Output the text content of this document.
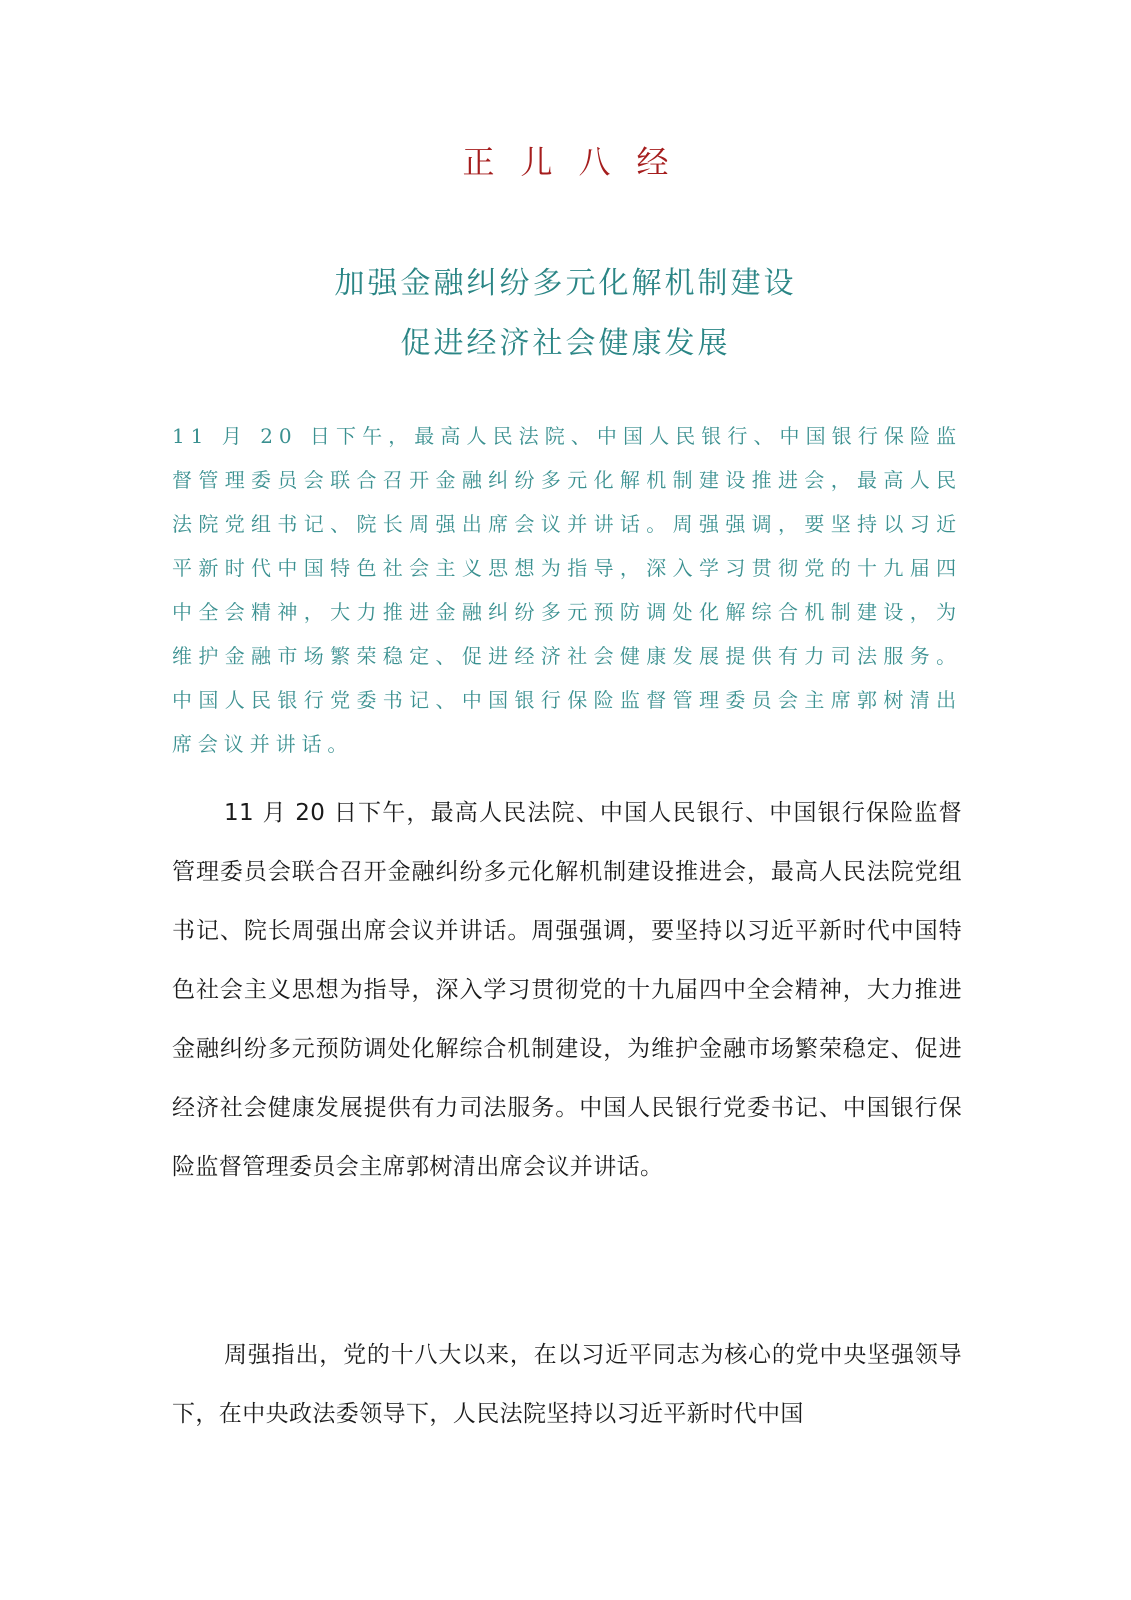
正儿八经
加强金融纠纷多元化解机制建设
促进经济社会健康发展
11 月 20 日下午，最高人民法院、中国人民银行、中国银行保险监督管理委员会联合召开金融纠纷多元化解机制建设推进会，最高人民法院党组书记、院长周强出席会议并讲话。周强强调，要坚持以习近平新时代中国特色社会主义思想为指导，深入学习贯彻党的十九届四中全会精神，大力推进金融纠纷多元预防调处化解综合机制建设，为维护金融市场繁荣稳定、促进经济社会健康发展提供有力司法服务。中国人民银行党委书记、中国银行保险监督管理委员会主席郭树清出席会议并讲话。
11 月 20 日下午，最高人民法院、中国人民银行、中国银行保险监督管理委员会联合召开金融纠纷多元化解机制建设推进会，最高人民法院党组书记、院长周强出席会议并讲话。周强强调，要坚持以习近平新时代中国特色社会主义思想为指导，深入学习贯彻党的十九届四中全会精神，大力推进金融纠纷多元预防调处化解综合机制建设，为维护金融市场繁荣稳定、促进经济社会健康发展提供有力司法服务。中国人民银行党委书记、中国银行保险监督管理委员会主席郭树清出席会议并讲话。
周强指出，党的十八大以来，在以习近平同志为核心的党中央坚强领导下，在中央政法委领导下，人民法院坚持以习近平新时代中国
